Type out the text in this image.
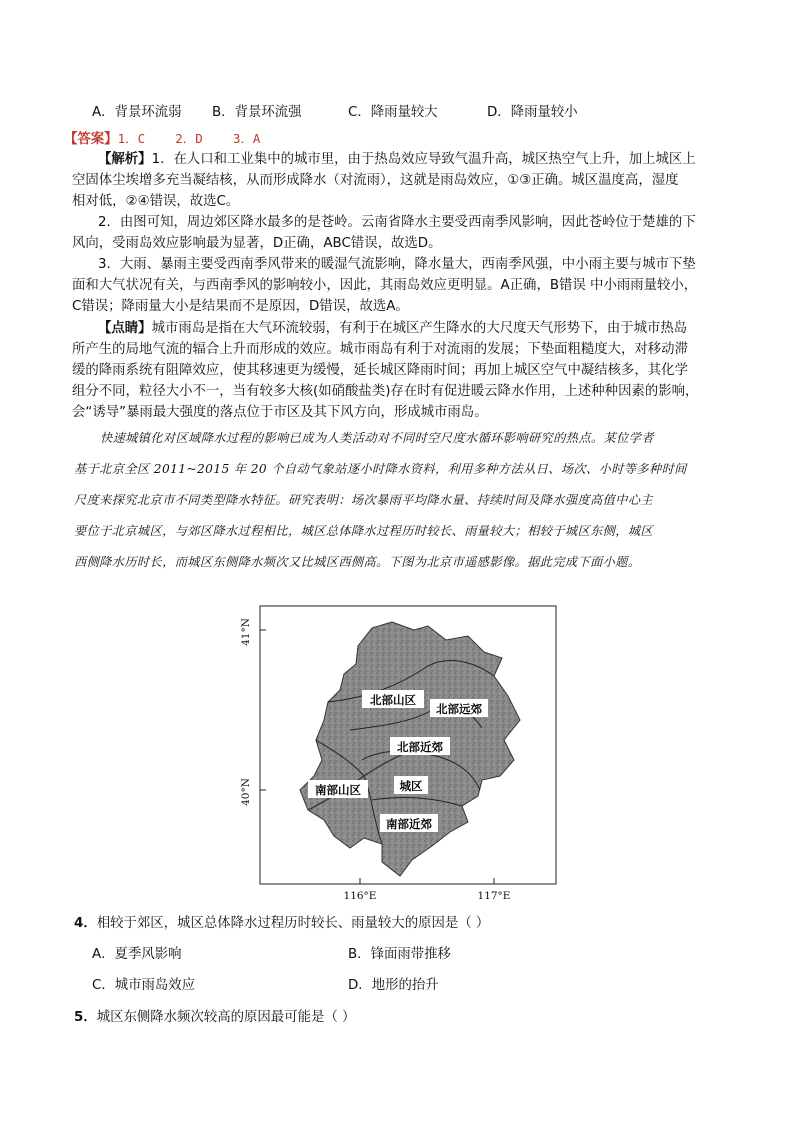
A．背景环流弱 B．背景环流强	C．降雨量较大	D．降雨量较小
【答案】1．C    2．D    3．A
【解析】1．在人口和工业集中的城市里，由于热岛效应导致气温升高，城区热空气上升，加上城区上
空固体尘埃增多充当凝结核，从而形成降水（对流雨），这就是雨岛效应，①③正确。城区温度高，湿度
相对低，②④错误，故选C。
2．由图可知，周边郊区降水最多的是苍岭。云南省降水主要受西南季风影响，因此苍岭位于楚雄的下
风向，受雨岛效应影响最为显著，D正确，ABC错误，故选D。
3．大雨、暴雨主要受西南季风带来的暖湿气流影响，降水量大，西南季风强，中小雨主要与城市下垫
面和大气状况有关，与西南季风的影响较小，因此，其雨岛效应更明显。A正确，B错误 中小雨雨量较小，
C错误；降雨量大小是结果而不是原因，D错误，故选A。
【点睛】城市雨岛是指在大气环流较弱，有利于在城区产生降水的大尺度天气形势下，由于城市热岛
所产生的局地气流的辐合上升而形成的效应。城市雨岛有利于对流雨的发展；下垫面粗糙度大，对移动滞
缓的降雨系统有阻障效应，使其移速更为缓慢，延长城区降雨时间；再加上城区空气中凝结核多，其化学
组分不同，粒径大小不一，当有较多大核(如硝酸盐类)存在时有促进暖云降水作用，上述种种因素的影响，
会“诱导”暴雨最大强度的落点位于市区及其下风方向，形成城市雨岛。
快速城镇化对区域降水过程的影响已成为人类活动对不同时空尺度水循环影响研究的热点。某位学者
基于北京全区 2011~2015 年 20 个自动气象站逐小时降水资料，利用多种方法从日、场次、小时等多种时间
尺度来探究北京市不同类型降水特征。研究表明：场次暴雨平均降水量、持续时间及降水强度高值中心主
要位于北京城区，与郊区降水过程相比，城区总体降水过程历时较长、雨量较大；相较于城区东侧，城区
西侧降水历时长，而城区东侧降水频次又比城区西侧高。下图为北京市遥感影像。据此完成下面小题。
北部山区
北部远郊
北部近郊
南部山区	城区
南部近郊
41°N
40°N
116°E	117°E
4．相较于郊区，城区总体降水过程历时较长、雨量较大的原因是（ ）
A．夏季风影响	B．锋面雨带推移
C．城市雨岛效应	D．地形的抬升
5．城区东侧降水频次较高的原因最可能是（ ）
